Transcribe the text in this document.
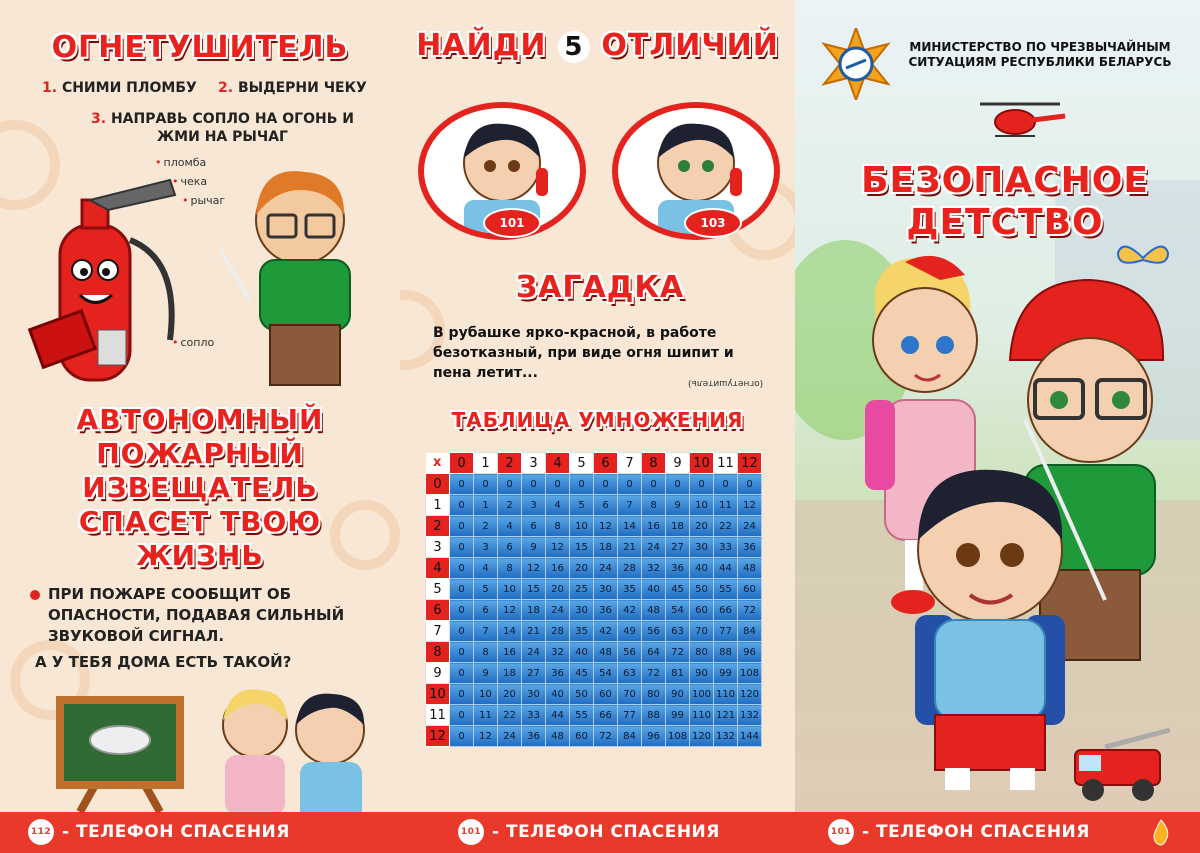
ОГНЕТУШИТЕЛЬ
1. СНИМИ ПЛОМБУ 2. ВЫДЕРНИ ЧЕКУ
3. НАПРАВЬ СОПЛО НА ОГОНЬ И ЖМИ НА РЫЧАГ
• пломба
• чека
• рычаг
• сопло
АВТОНОМНЫЙ ПОЖАРНЫЙ ИЗВЕЩАТЕЛЬ СПАСЕТ ТВОЮ ЖИЗНЬ
ПРИ ПОЖАРЕ СООБЩИТ ОБ ОПАСНОСТИ, ПОДАВАЯ СИЛЬНЫЙ ЗВУКОВОЙ СИГНАЛ.
А У ТЕБЯ ДОМА ЕСТЬ ТАКОЙ?
НАЙДИ 5 ОТЛИЧИЙ
101	103
ЗАГАДКА
В рубашке ярко-красной, в работе безотказный, при виде огня шипит и пена летит...
(огнетушитель)
ТАБЛИЦА УМНОЖЕНИЯ
x	0	1	2	3	4	5	6	7	8	9	10	11	12
0	0	0	0	0	0	0	0	0	0	0	0	0	0
1	0	1	2	3	4	5	6	7	8	9	10	11	12
2	0	2	4	6	8	10	12	14	16	18	20	22	24
3	0	3	6	9	12	15	18	21	24	27	30	33	36
4	0	4	8	12	16	20	24	28	32	36	40	44	48
5	0	5	10	15	20	25	30	35	40	45	50	55	60
6	0	6	12	18	24	30	36	42	48	54	60	66	72
7	0	7	14	21	28	35	42	49	56	63	70	77	84
8	0	8	16	24	32	40	48	56	64	72	80	88	96
9	0	9	18	27	36	45	54	63	72	81	90	99	108
10	0	10	20	30	40	50	60	70	80	90	100	110	120
11	0	11	22	33	44	55	66	77	88	99	110	121	132
12	0	12	24	36	48	60	72	84	96	108	120	132	144
МИНИСТЕРСТВО ПО ЧРЕЗВЫЧАЙНЫМ СИТУАЦИЯМ РЕСПУБЛИКИ БЕЛАРУСЬ
БЕЗОПАСНОЕ ДЕТСТВО
112 - ТЕЛЕФОН СПАСЕНИЯ	101 - ТЕЛЕФОН СПАСЕНИЯ	101 - ТЕЛЕФОН СПАСЕНИЯ
